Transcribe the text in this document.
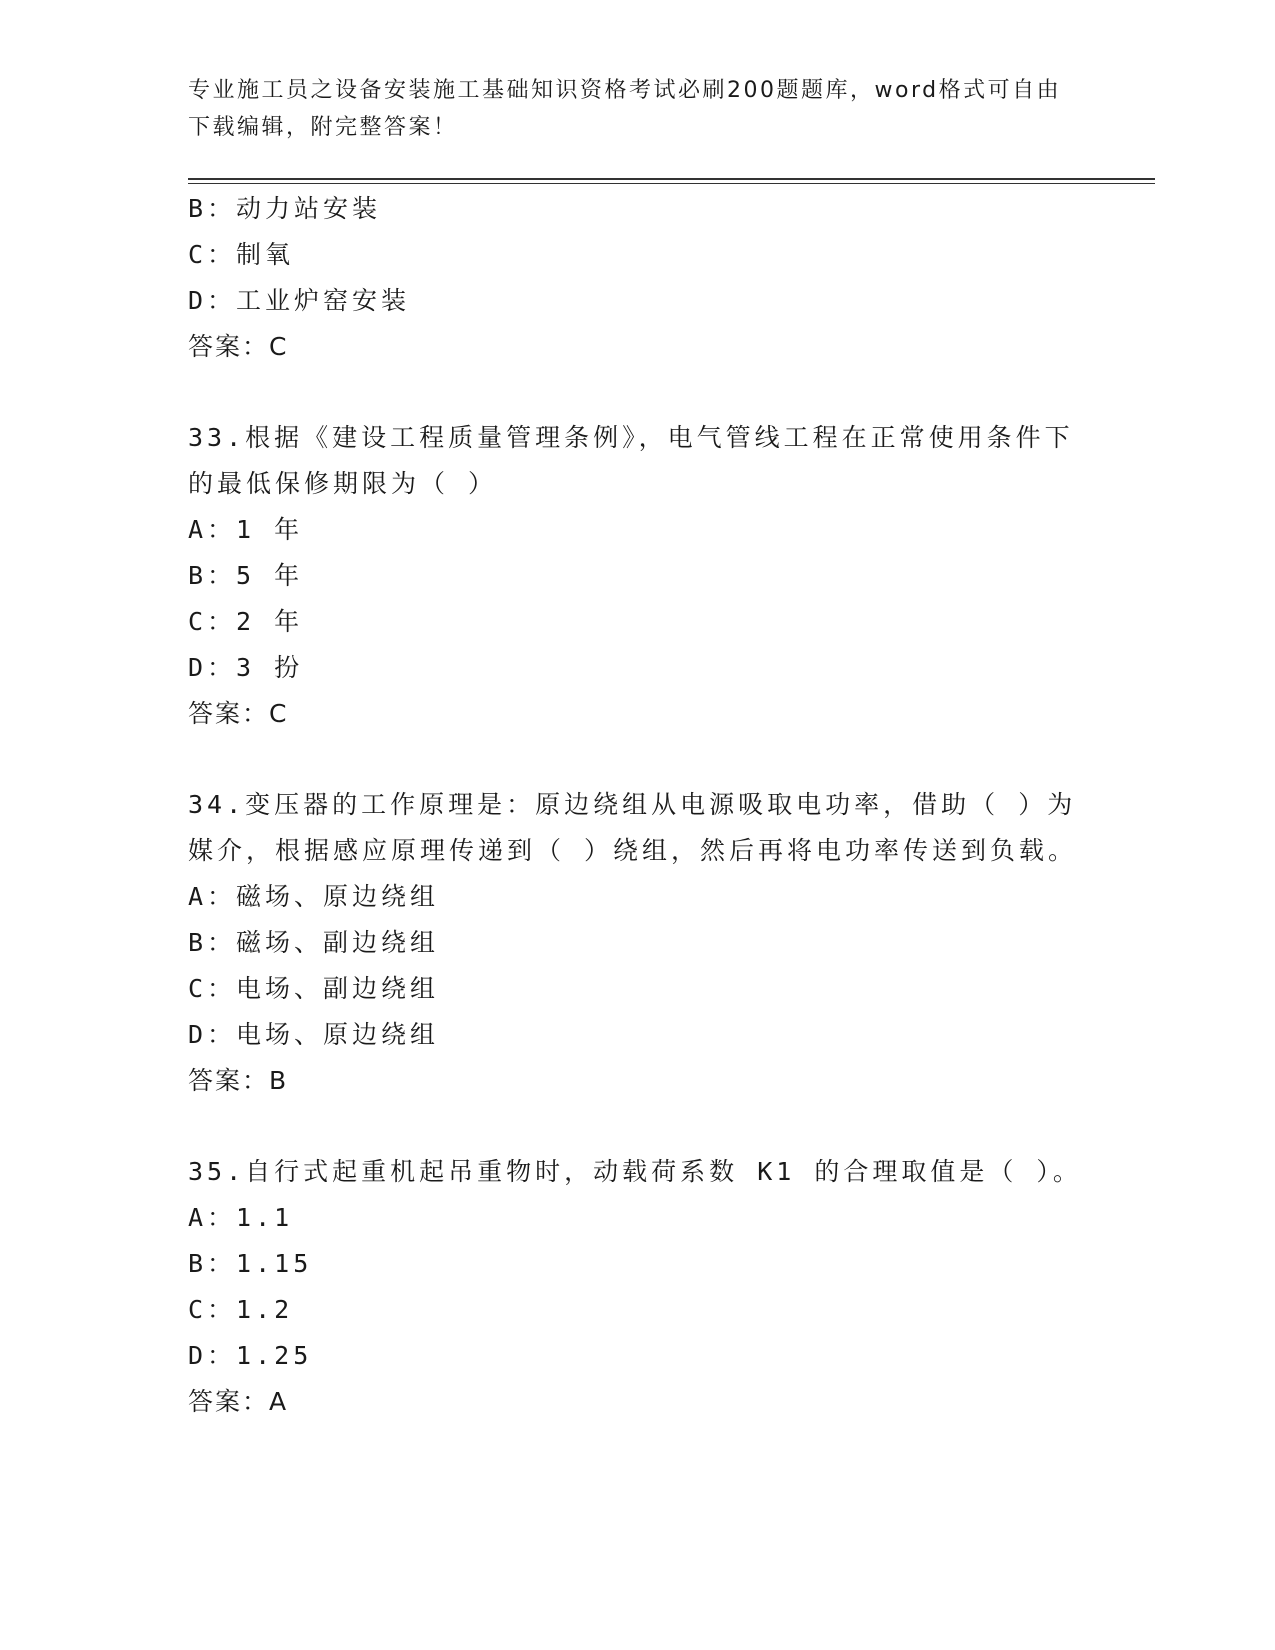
专业施工员之设备安装施工基础知识资格考试必刷200题题库，word格式可自由
下载编辑，附完整答案！
B：动力站安装
C：制氧
D：工业炉窑安装
答案：C
33.根据《建设工程质量管理条例》，电气管线工程在正常使用条件下
的最低保修期限为（ ）
A：1 年
B：5 年
C：2 年
D：3 扮
答案：C
34.变压器的工作原理是：原边绕组从电源吸取电功率，借助（ ）为
媒介，根据感应原理传递到（ ）绕组，然后再将电功率传送到负载。
A：磁场、原边绕组
B：磁场、副边绕组
C：电场、副边绕组
D：电场、原边绕组
答案：B
35.自行式起重机起吊重物时，动载荷系数 K1 的合理取值是（ ）。
A：1.1
B：1.15
C：1.2
D：1.25
答案：A
